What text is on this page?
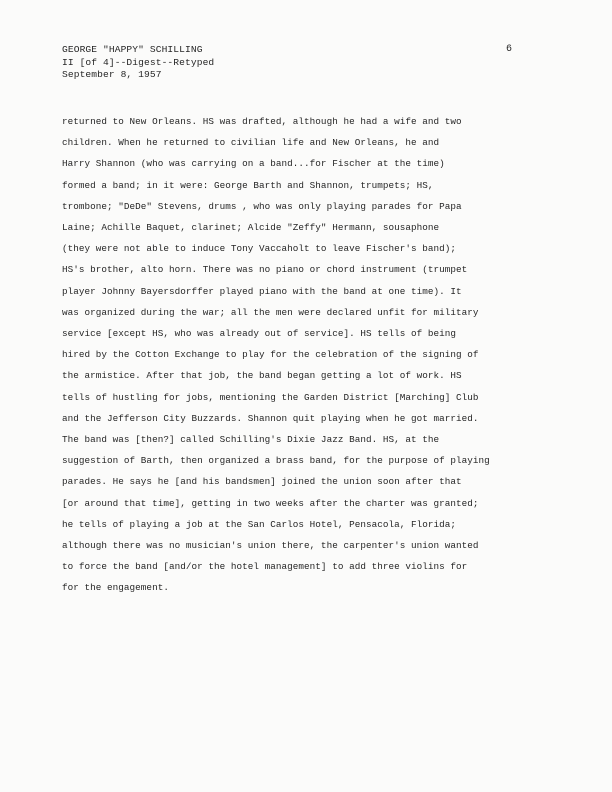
GEORGE "HAPPY" SCHILLING
II [of 4]--Digest--Retyped
September 8, 1957
6
returned to New Orleans. HS was drafted, although he had a wife and two
children. When he returned to civilian life and New Orleans, he and
Harry Shannon (who was carrying on a band...for Fischer at the time)
formed a band; in it were: George Barth and Shannon, trumpets; HS,
trombone; "DeDe" Stevens, drums , who was only playing parades for Papa
Laine; Achille Baquet, clarinet; Alcide "Zeffy" Hermann, sousaphone
(they were not able to induce Tony Vaccaholt to leave Fischer's band);
HS's brother, alto horn. There was no piano or chord instrument (trumpet
player Johnny Bayersdorffer played piano with the band at one time). It
was organized during the war; all the men were declared unfit for military
service [except HS, who was already out of service]. HS tells of being
hired by the Cotton Exchange to play for the celebration of the signing of
the armistice. After that job, the band began getting a lot of work. HS
tells of hustling for jobs, mentioning the Garden District [Marching] Club
and the Jefferson City Buzzards. Shannon quit playing when he got married.
The band was [then?] called Schilling's Dixie Jazz Band. HS, at the
suggestion of Barth, then organized a brass band, for the purpose of playing
parades. He says he [and his bandsmen] joined the union soon after that
[or around that time], getting in two weeks after the charter was granted;
he tells of playing a job at the San Carlos Hotel, Pensacola, Florida;
although there was no musician's union there, the carpenter's union wanted
to force the band [and/or the hotel management] to add three violins for
for the engagement.
